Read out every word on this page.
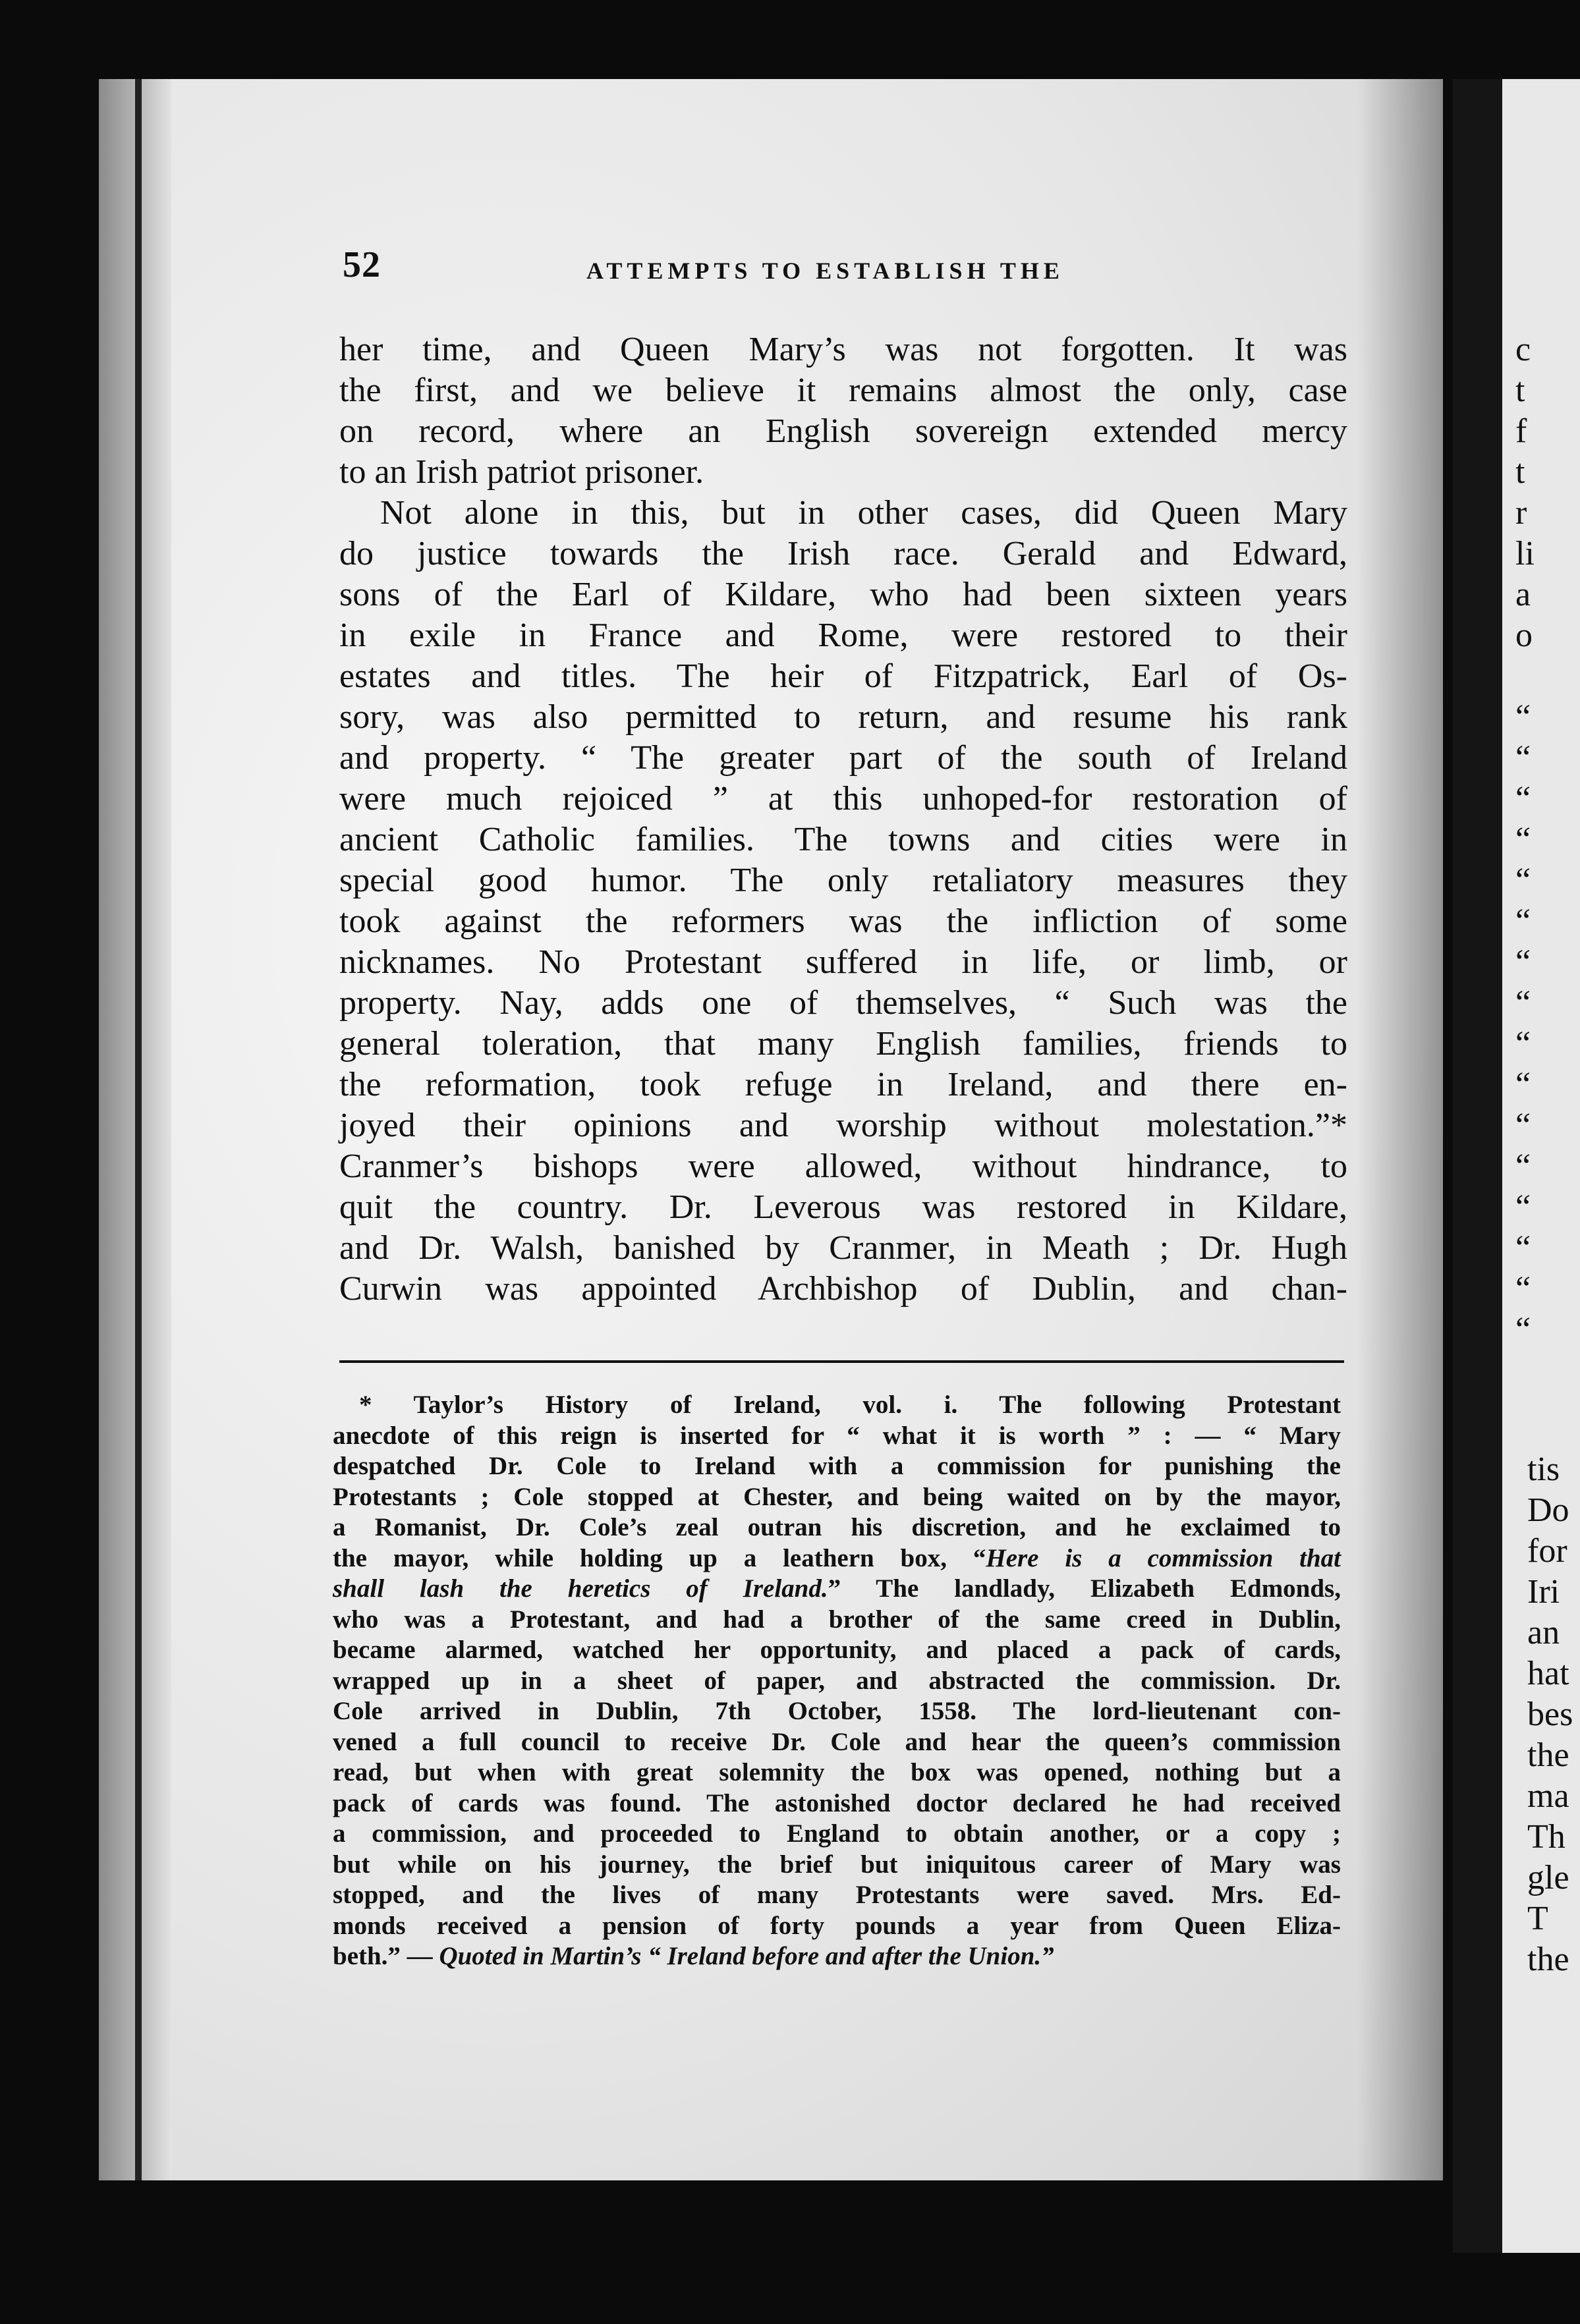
52	ATTEMPTS TO ESTABLISH THE
her time, and Queen Mary’s was not forgotten. It was
the first, and we believe it remains almost the only, case
on record, where an English sovereign extended mercy
to an Irish patriot prisoner.
Not alone in this, but in other cases, did Queen Mary
do justice towards the Irish race. Gerald and Edward,
sons of the Earl of Kildare, who had been sixteen years
in exile in France and Rome, were restored to their
estates and titles. The heir of Fitzpatrick, Earl of Os-
sory, was also permitted to return, and resume his rank
and property. “ The greater part of the south of Ireland
were much rejoiced ” at this unhoped-for restoration of
ancient Catholic families. The towns and cities were in
special good humor. The only retaliatory measures they
took against the reformers was the infliction of some
nicknames. No Protestant suffered in life, or limb, or
property. Nay, adds one of themselves, “ Such was the
general toleration, that many English families, friends to
the reformation, took refuge in Ireland, and there en-
joyed their opinions and worship without molestation.”*
Cranmer’s bishops were allowed, without hindrance, to
quit the country. Dr. Leverous was restored in Kildare,
and Dr. Walsh, banished by Cranmer, in Meath ; Dr. Hugh
Curwin was appointed Archbishop of Dublin, and chan-
* Taylor’s History of Ireland, vol. i. The following Protestant
anecdote of this reign is inserted for “ what it is worth ” : — “ Mary
despatched Dr. Cole to Ireland with a commission for punishing the
Protestants ; Cole stopped at Chester, and being waited on by the mayor,
a Romanist, Dr. Cole’s zeal outran his discretion, and he exclaimed to
the mayor, while holding up a leathern box, “Here is a commission that
shall lash the heretics of Ireland.” The landlady, Elizabeth Edmonds,
who was a Protestant, and had a brother of the same creed in Dublin,
became alarmed, watched her opportunity, and placed a pack of cards,
wrapped up in a sheet of paper, and abstracted the commission. Dr.
Cole arrived in Dublin, 7th October, 1558. The lord-lieutenant con-
vened a full council to receive Dr. Cole and hear the queen’s commission
read, but when with great solemnity the box was opened, nothing but a
pack of cards was found. The astonished doctor declared he had received
a commission, and proceeded to England to obtain another, or a copy ;
but while on his journey, the brief but iniquitous career of Mary was
stopped, and the lives of many Protestants were saved. Mrs. Ed-
monds received a pension of forty pounds a year from Queen Eliza-
beth.” — Quoted in Martin’s “ Ireland before and after the Union.”
c
t
f
t
r
li
a
o
“
“
“
“
“
“
“
“
“
“
“
“
“
“
“
“
tis
Do
for
Iri
an
hat
bes
the
ma
Th
gle
T
the
